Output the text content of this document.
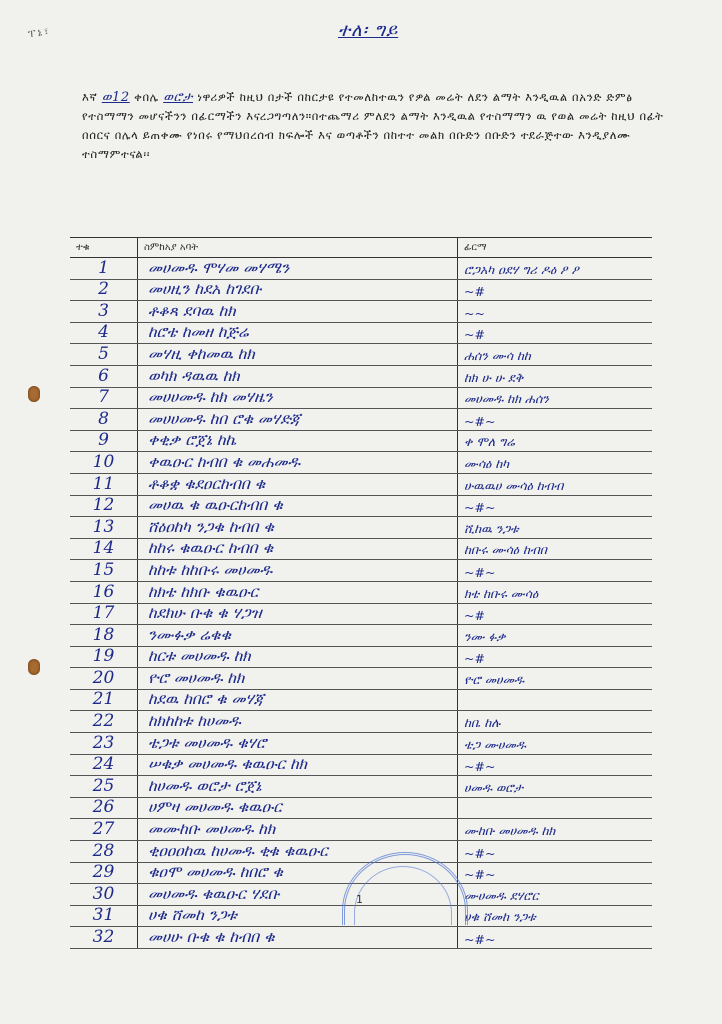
ፐኔ፣	ተለ፡ ግይ
እኛ ወ12 ቀበሌ ወሮታ ነዋሪዎች ከዚህ በታች በከርታዩ የተመለከተዉን የዎል መሬት ለደን ልማት እንዲዉል በአንድ ድምፅ የተስማማን መሆናችንን በፊርማችን እናረጋግጣለን።በተጨማሪ ምለደን ልማት እንዲዉል የተስማማን ዉ የወል መሬት ከዚህ በፊት በሰርና በሌላ ይጠቀሙ የነበሩ የማህበረሰብ ክፍሎች እና ወጣቶችን በከተተ መልክ በቡድን በቡድን ተደራጅተው እንዲያለሙ ተስማምተናል፡፡
ተቁ	ስምከአያ አባት	ፊርማ
1	መሀመዱ ሞሃመ መሃሜን	ሮጋአካ ዐደሃ ግሪ ዶዕ ዖ ዖ
2	መሀዚን ከደአ ከገደቡ	~#
3	ቶቆጻ ደባዉ ከክ	~~
4	ከሮቴ ከመዘ ከጅሬ	~#
5	መሃዚ ቀከመዉ ከክ	ሐሰን ሙሳ ከከ
6	ወካክ ዳዉዉ ከክ	ከክ ሁ ሁ ደቅ
7	መሀሀመዱ ከክ መሃዜን	መሀመዱ ከክ ሐሰን
8	መሀሀመዱ ከበ ሮቁ መሃድጃ	~#~
9	ቀቂቃ ሮጀኔ ከኬ	ቀ ሞለ ግሬ
10	ቀዉዑር ከብበ ቁ መሐመዱ	ሙሳዕ ከካ
11	ቶቆቋ ቁደዐርከብበ ቁ	ሁዉዉሀ ሙሳዕ ከብብ
12	መሀዉ ቁ ዉዑርከብበ ቁ	~#~
13	ሸዕዐከካ ንጋቁ ከብበ ቁ	ሺከዉ ንጋቱ
14	ከከሩ ቁዉዑር ከብበ ቁ	ከቡሩ ሙሳዕ ከብበ
15	ከከቱ ከከቡሩ መሀመዱ	~#~
16	ከክቴ ከክቡ ቁዉዑር	ክቴ ከቡሩ ሙሳዕ
17	ከደክሁ ቡቁ ቁ ሃጋዝ	~#
18	ንሙፉቃ ሬቁቁ	ንሙ ፉቃ
19	ከርቱ መሀመዱ ከክ	~#
20	ዮሮ መሀመዱ ከክ	ዮሮ መሀመዱ
21	ከደዉ ከበሮ ቁ መሃጃ
22	ከክከከቱ ከሀመዱ	ከቤ ከሉ
23	ቴጋቱ መሀመዱ ቁሃሮ	ቴጋ ሙሀመዱ
24	ሠቁቃ መሀመዱ ቁዉዑር ከክ	~#~
25	ከሀመዱ ወሮታ ሮጀኔ	ሀመዱ ወሮታ
26	ሀምዛ መሀመዱ ቁዉዑር
27	መሙከቡ መሀመዱ ከክ	ሙከቡ መሀመዱ ከክ
28	ቂዐዐዐከዉ ከሀመዱ ቂቁ ቁዉዑር	~#~
29	ቁዐሞ መሀመዱ ከበሮ ቁ	~#~
30	መሀመዱ ቁዉዑር ሃደቡ	ሙሀመዱ ደሃሮር
31	ሀቁ ሸመከ ንጋቱ	ሀቁ ሸመከ ንጋቱ
32	መሀሁ ቡቁ ቁ ከብበ ቁ	~#~
1
